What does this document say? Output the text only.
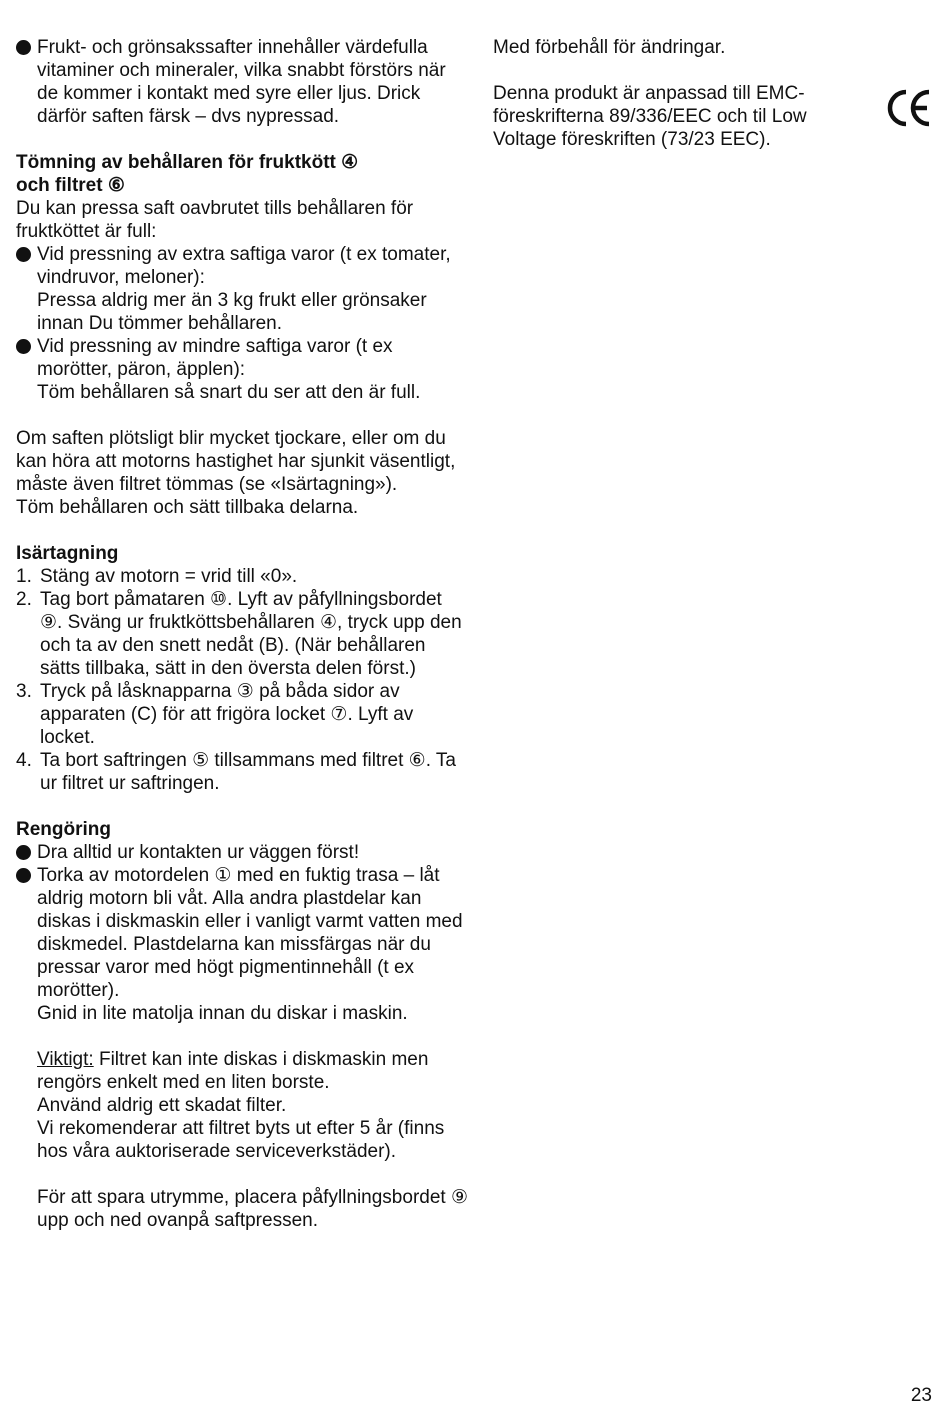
Frukt- och grönsakssafter innehåller värdefulla vitaminer och mineraler, vilka snabbt förstörs när de kommer i kontakt med syre eller ljus. Drick därför saften färsk – dvs nypressad.

Tömning av behållaren för fruktkött ④

och filtret ⑥

Du kan pressa saft oavbrutet tills behållaren för fruktköttet är full:

Vid pressning av extra saftiga varor (t ex tomater, vindruvor, meloner):

Pressa aldrig mer än 3 kg frukt eller grönsaker innan Du tömmer behållaren.

Vid pressning av mindre saftiga varor (t ex morötter, päron, äpplen):

Töm behållaren så snart du ser att den är full.

Om saften plötsligt blir mycket tjockare, eller om du kan höra att motorns hastighet har sjunkit väsentligt, måste även filtret tömmas (se «Isärtagning»).

Töm behållaren och sätt tillbaka delarna.

Isärtagning

1. Stäng av motorn = vrid till «0».

2. Tag bort påmataren ⑩. Lyft av påfyllningsbordet ⑨. Sväng ur fruktköttsbehållaren ④, tryck upp den och ta av den snett nedåt (B). (När behållaren sätts tillbaka, sätt in den översta delen först.)

3. Tryck på låsknapparna ③ på båda sidor av apparaten (C) för att frigöra locket ⑦. Lyft av locket.

4. Ta bort saftringen ⑤ tillsammans med filtret ⑥. Ta ur filtret ur saftringen.

Rengöring

Dra alltid ur kontakten ur väggen först!

Torka av motordelen ① med en fuktig trasa – låt aldrig motorn bli våt. Alla andra plastdelar kan diskas i diskmaskin eller i vanligt varmt vatten med diskmedel. Plastdelarna kan missfärgas när du pressar varor med högt pigmentinnehåll (t ex morötter).

Gnid in lite matolja innan du diskar i maskin.

Viktigt: Filtret kan inte diskas i diskmaskin men rengörs enkelt med en liten borste.

Använd aldrig ett skadat filter.

Vi rekomenderar att filtret byts ut efter 5 år (finns hos våra auktoriserade serviceverkstäder).

För att spara utrymme, placera påfyllningsbordet ⑨ upp och ned ovanpå saftpressen.

Med förbehåll för ändringar.

Denna produkt är anpassad till EMC-föreskrifterna 89/336/EEC och til Low Voltage föreskriften (73/23 EEC).

23
